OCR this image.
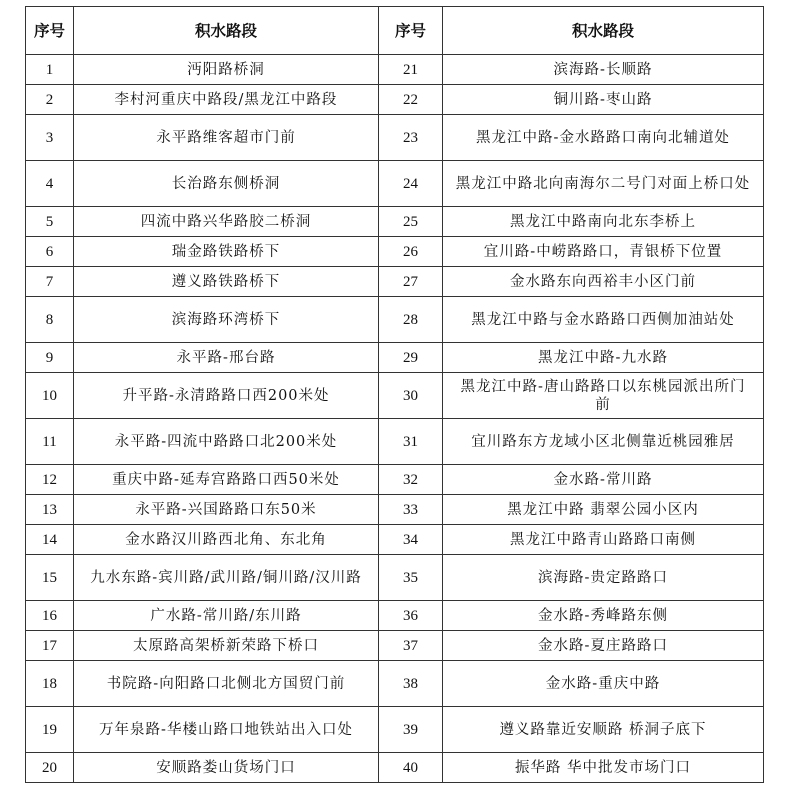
序号	积水路段	序号	积水路段
1	沔阳路桥洞	21	滨海路-长顺路
2	李村河重庆中路段/黑龙江中路段	22	铜川路-枣山路
3	永平路维客超市门前	23	黑龙江中路-金水路路口南向北辅道处
4	长治路东侧桥洞	24	黑龙江中路北向南海尔二号门对面上桥口处
5	四流中路兴华路胶二桥洞	25	黑龙江中路南向北东李桥上
6	瑞金路铁路桥下	26	宜川路-中崂路路口，青银桥下位置
7	遵义路铁路桥下	27	金水路东向西裕丰小区门前
8	滨海路环湾桥下	28	黑龙江中路与金水路路口西侧加油站处
9	永平路-邢台路	29	黑龙江中路-九水路
10	升平路-永清路路口西200米处	30	黑龙江中路-唐山路路口以东桃园派出所门前
11	永平路-四流中路路口北200米处	31	宜川路东方龙域小区北侧靠近桃园雅居
12	重庆中路-延寿宫路路口西50米处	32	金水路-常川路
13	永平路-兴国路路口东50米	33	黑龙江中路 翡翠公园小区内
14	金水路汉川路西北角、东北角	34	黑龙江中路青山路路口南侧
15	九水东路-宾川路/武川路/铜川路/汉川路	35	滨海路-贵定路路口
16	广水路-常川路/东川路	36	金水路-秀峰路东侧
17	太原路高架桥新荣路下桥口	37	金水路-夏庄路路口
18	书院路-向阳路口北侧北方国贸门前	38	金水路-重庆中路
19	万年泉路-华楼山路口地铁站出入口处	39	遵义路靠近安顺路 桥洞子底下
20	安顺路娄山货场门口	40	振华路 华中批发市场门口
